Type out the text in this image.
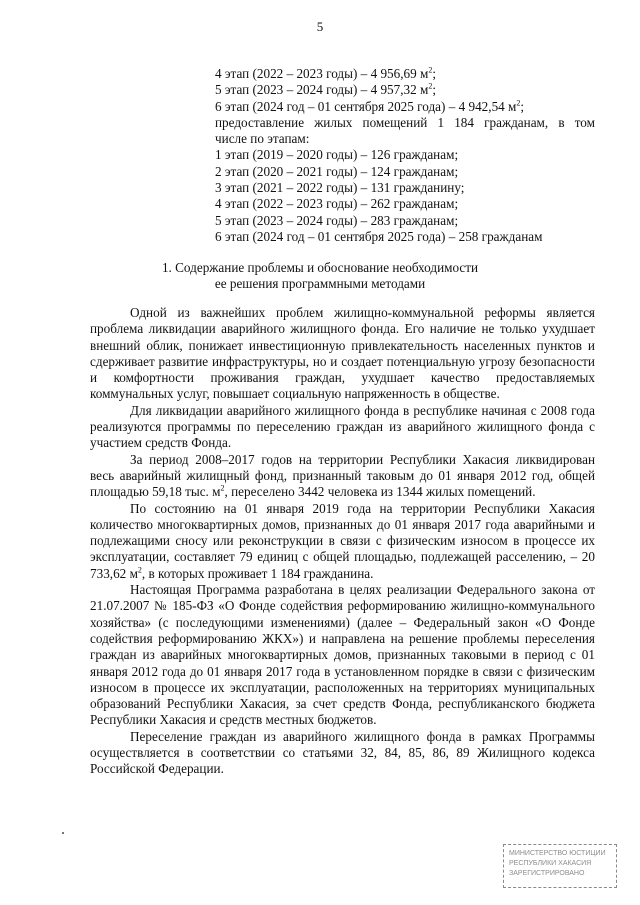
5
4 этап (2022 – 2023 годы) – 4 956,69 $м^2$;
5 этап (2023 – 2024 годы) – 4 957,32 $м^2$;
6 этап (2024 год – 01 сентября 2025 года) – 4 942,54 $м^2$;
предоставление жилых помещений 1 184 гражданам, в том
числе по этапам:
1 этап (2019 – 2020 годы) – 126 гражданам;
2 этап (2020 – 2021 годы) – 124 гражданам;
3 этап (2021 – 2022 годы) – 131 гражданину;
4 этап (2022 – 2023 годы) – 262 гражданам;
5 этап (2023 – 2024 годы) – 283 гражданам;
6 этап (2024 год – 01 сентября 2025 года) – 258 гражданам
1. Содержание проблемы и обоснование необходимости
ее решения программными методами

Одной из важнейших проблем жилищно-коммунальной реформы является проблема ликвидации аварийного жилищного фонда. Его наличие не только ухудшает внешний облик, понижает инвестиционную привлекательность населенных пунктов и сдерживает развитие инфраструктуры, но и создает потенциальную угрозу безопасности и комфортности проживания граждан, ухудшает качество предоставляемых коммунальных услуг, повышает социальную напряженность в обществе.

Для ликвидации аварийного жилищного фонда в республике начиная с 2008 года реализуются программы по переселению граждан из аварийного жилищного фонда с участием средств Фонда.

За период 2008–2017 годов на территории Республики Хакасия ликвидирован весь аварийный жилищный фонд, признанный таковым до 01 января 2012 год, общей площадью 59,18 тыс. $м^2$, переселено 3442 человека из 1344 жилых помещений.

По состоянию на 01 января 2019 года на территории Республики Хакасия количество многоквартирных домов, признанных до 01 января 2017 года аварийными и подлежащими сносу или реконструкции в связи с физическим износом в процессе их эксплуатации, составляет 79 единиц с общей площадью, подлежащей расселению, – 20 733,62 $м^2$, в которых проживает 1 184 гражданина.

Настоящая Программа разработана в целях реализации Федерального закона от 21.07.2007 № 185-ФЗ «О Фонде содействия реформированию жилищно-коммунального хозяйства» (с последующими изменениями) (далее – Федеральный закон «О Фонде содействия реформированию ЖКХ») и направлена на решение проблемы переселения граждан из аварийных многоквартирных домов, признанных таковыми в период с 01 января 2012 года до 01 января 2017 года в установленном порядке в связи с физическим износом в процессе их эксплуатации, расположенных на территориях муниципальных образований Республики Хакасия, за счет средств Фонда, республиканского бюджета Республики Хакасия и средств местных бюджетов.

Переселение граждан из аварийного жилищного фонда в рамках Программы осуществляется в соответствии со статьями 32, 84, 85, 86, 89 Жилищного кодекса Российской Федерации.

МИНИСТЕРСТВО ЮСТИЦИИ
РЕСПУБЛИКИ ХАКАСИЯ
ЗАРЕГИСТРИРОВАНО
